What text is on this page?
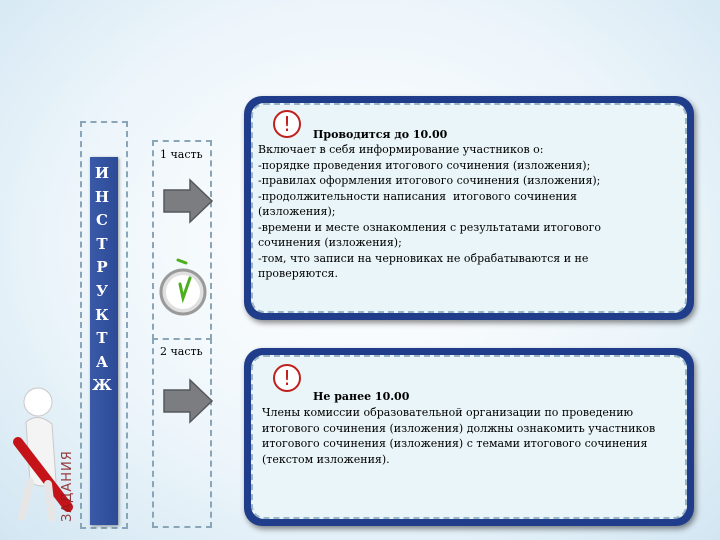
ЗАДАНИЯ
И
Н
С
Т
Р
У
К
Т
А
Ж
1 часть
2 часть
!	Проводится до 10.00
Включает в себя информирование участников о:
-порядке проведения итогового сочинения (изложения);
-правилах оформления итогового сочинения (изложения);
-продолжительности написания  итогового сочинения (изложения);
-времени и месте ознакомления с результатами итогового сочинения (изложения);
-том, что записи на черновиках не обрабатываются и не проверяются.
!
Не ранее 10.00
Члены комиссии образовательной организации по проведению итогового сочинения (изложения) должны ознакомить участников итогового сочинения (изложения) с темами итогового сочинения (текстом изложения).
